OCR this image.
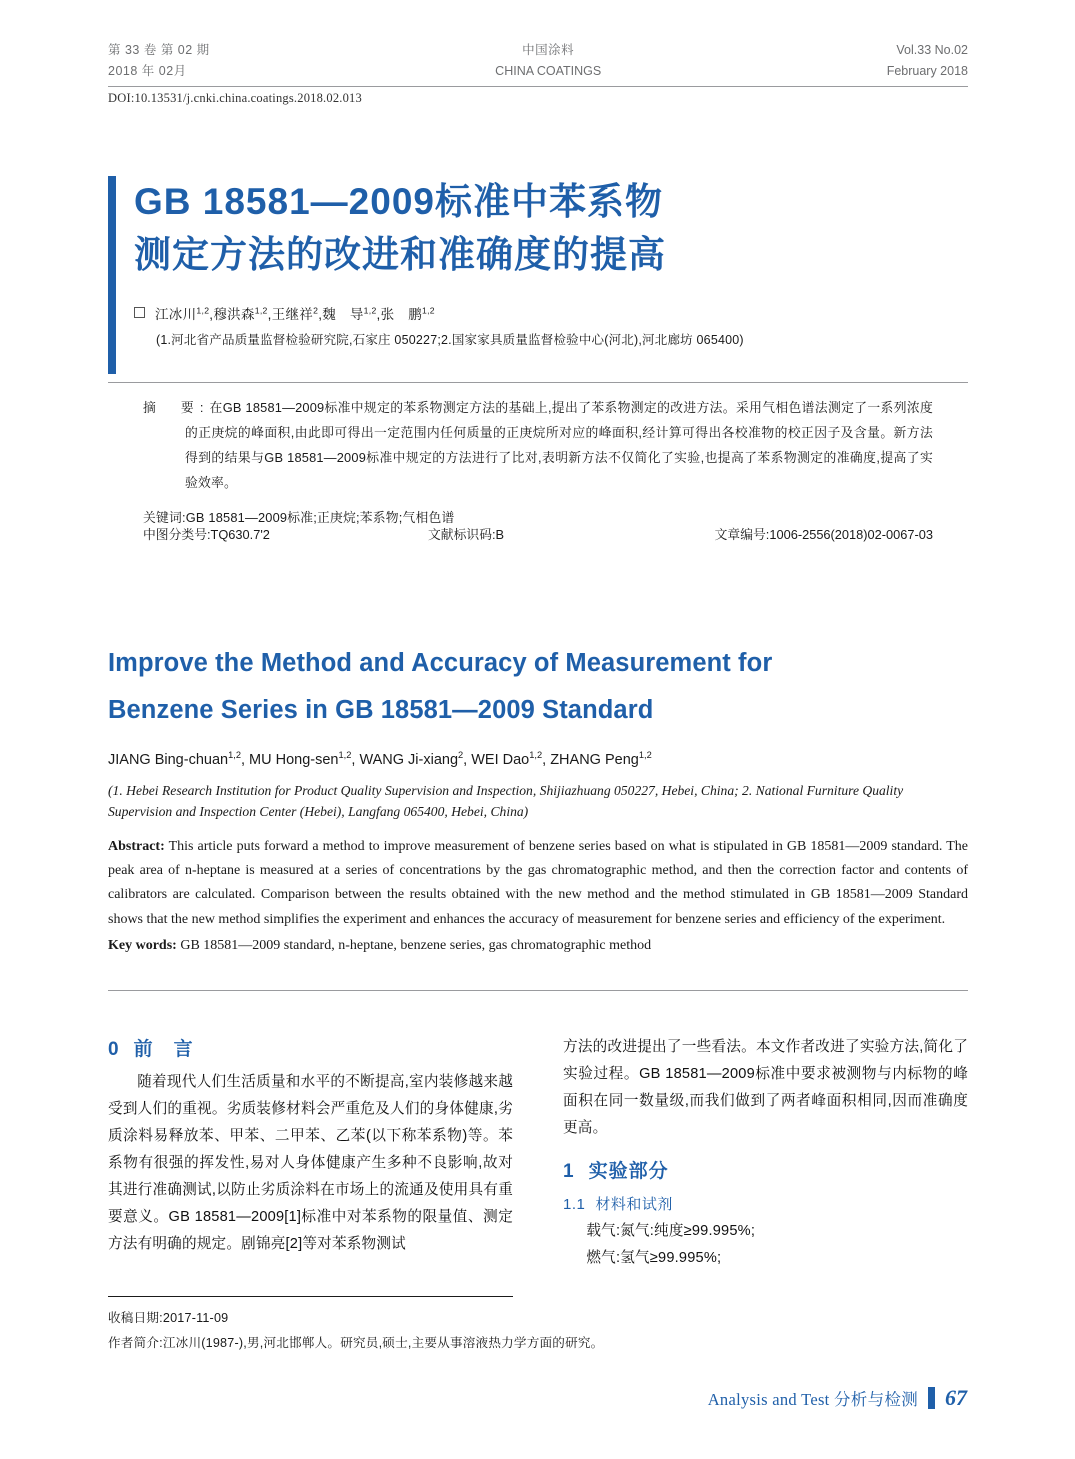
第 33 卷 第 02 期
2018 年 02月
中国涂料
CHINA COATINGS
Vol.33 No.02
February 2018
DOI:10.13531/j.cnki.china.coatings.2018.02.013
GB 18581—2009标准中苯系物
测定方法的改进和准确度的提高
江冰川$^{1,2}$,穆洪森$^{1,2}$,王继祥$^2$,魏　导$^{1,2}$,张　鹏$^{1,2}$
(1.河北省产品质量监督检验研究院,石家庄 050227;2.国家家具质量监督检验中心(河北),河北廊坊 065400)

摘　要:在GB 18581—2009标准中规定的苯系物测定方法的基础上,提出了苯系物测定的改进方法。采用气相色谱法测定了一系列浓度的正庚烷的峰面积,由此即可得出一定范围内任何质量的正庚烷所对应的峰面积,经计算可得出各校准物的校正因子及含量。新方法得到的结果与GB 18581—2009标准中规定的方法进行了比对,表明新方法不仅简化了实验,也提高了苯系物测定的准确度,提高了实验效率。

关键词:GB 18581—2009标准;正庚烷;苯系物;气相色谱

中图分类号:TQ630.7'2	文献标识码:B	文章编号:1006-2556(2018)02-0067-03
Improve the Method and Accuracy of Measurement for
Benzene Series in GB 18581—2009 Standard
JIANG Bing-chuan$^{1,2}$, MU Hong-sen$^{1,2}$, WANG Ji-xiang$^2$, WEI Dao$^{1,2}$, ZHANG Peng$^{1,2}$
(1. Hebei Research Institution for Product Quality Supervision and Inspection, Shijiazhuang 050227, Hebei, China; 2. National Furniture Quality Supervision and Inspection Center (Hebei), Langfang 065400, Hebei, China)
Abstract: This article puts forward a method to improve measurement of benzene series based on what is stipulated in GB 18581—2009 standard. The peak area of n-heptane is measured at a series of concentrations by the gas chromatographic method, and then the correction factor and contents of calibrators are calculated. Comparison between the results obtained with the new method and the method stimulated in GB 18581—2009 Standard shows that the new method simplifies the experiment and enhances the accuracy of measurement for benzene series and efficiency of the experiment.
Key words: GB 18581—2009 standard, n-heptane, benzene series, gas chromatographic method
0 前　言

随着现代人们生活质量和水平的不断提高,室内装修越来越受到人们的重视。劣质装修材料会严重危及人们的身体健康,劣质涂料易释放苯、甲苯、二甲苯、乙苯(以下称苯系物)等。苯系物有很强的挥发性,易对人身体健康产生多种不良影响,故对其进行准确测试,以防止劣质涂料在市场上的流通及使用具有重要意义。GB 18581—2009[1]标准中对苯系物的限量值、测定方法有明确的规定。剧锦亮[2]等对苯系物测试

方法的改进提出了一些看法。本文作者改进了实验方法,简化了实验过程。GB 18581—2009标准中要求被测物与内标物的峰面积在同一数量级,而我们做到了两者峰面积相同,因而准确度更高。

1 实验部分
1.1 材料和试剂

载气:氮气:纯度≥99.995%;

燃气:氢气≥99.995%;

收稿日期:2017-11-09
作者简介:江冰川(1987-),男,河北邯郸人。研究员,硕士,主要从事溶液热力学方面的研究。
Analysis and Test 分析与检测 67
